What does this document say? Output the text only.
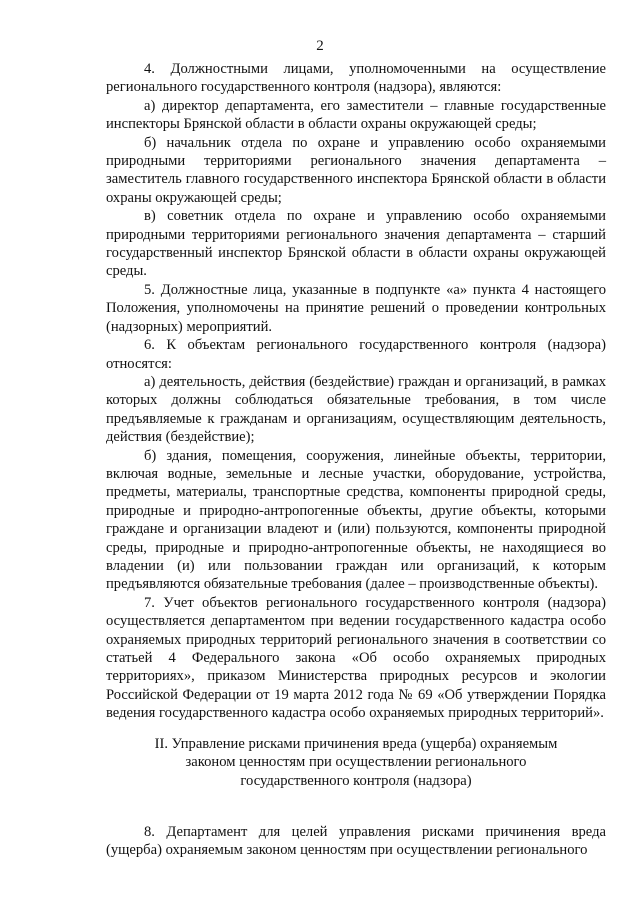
2

4. Должностными лицами, уполномоченными на осуществление регионального государственного контроля (надзора), являются:

а) директор департамента, его заместители – главные государственные инспекторы Брянской области в области охраны окружающей среды;

б) начальник отдела по охране и управлению особо охраняемыми природными территориями регионального значения департамента – заместитель главного государственного инспектора Брянской области в области охраны окружающей среды;

в) советник отдела по охране и управлению особо охраняемыми природными территориями регионального значения департамента – старший государственный инспектор Брянской области в области охраны окружающей среды.

5. Должностные лица, указанные в подпункте «а» пункта 4 настоящего Положения, уполномочены на принятие решений о проведении контрольных (надзорных) мероприятий.

6. К объектам регионального государственного контроля (надзора) относятся:

а) деятельность, действия (бездействие) граждан и организаций, в рамках которых должны соблюдаться обязательные требования, в том числе предъявляемые к гражданам и организациям, осуществляющим деятельность, действия (бездействие);

б) здания, помещения, сооружения, линейные объекты, территории, включая водные, земельные и лесные участки, оборудование, устройства, предметы, материалы, транспортные средства, компоненты природной среды, природные и природно-антропогенные объекты, другие объекты, которыми граждане и организации владеют и (или) пользуются, компоненты природной среды, природные и природно-антропогенные объекты, не находящиеся во владении (и) или пользовании граждан или организаций, к которым предъявляются обязательные требования (далее – производственные объекты).

7. Учет объектов регионального государственного контроля (надзора) осуществляется департаментом при ведении государственного кадастра особо охраняемых природных территорий регионального значения в соответствии со статьей 4 Федерального закона «Об особо охраняемых природных территориях», приказом Министерства природных ресурсов и экологии Российской Федерации от 19 марта 2012 года № 69 «Об утверждении Порядка ведения государственного кадастра особо охраняемых природных территорий».

II. Управление рисками причинения вреда (ущерба) охраняемым
законом ценностям при осуществлении регионального
государственного контроля (надзора)

8. Департамент для целей управления рисками причинения вреда (ущерба) охраняемым законом ценностям при осуществлении регионального
